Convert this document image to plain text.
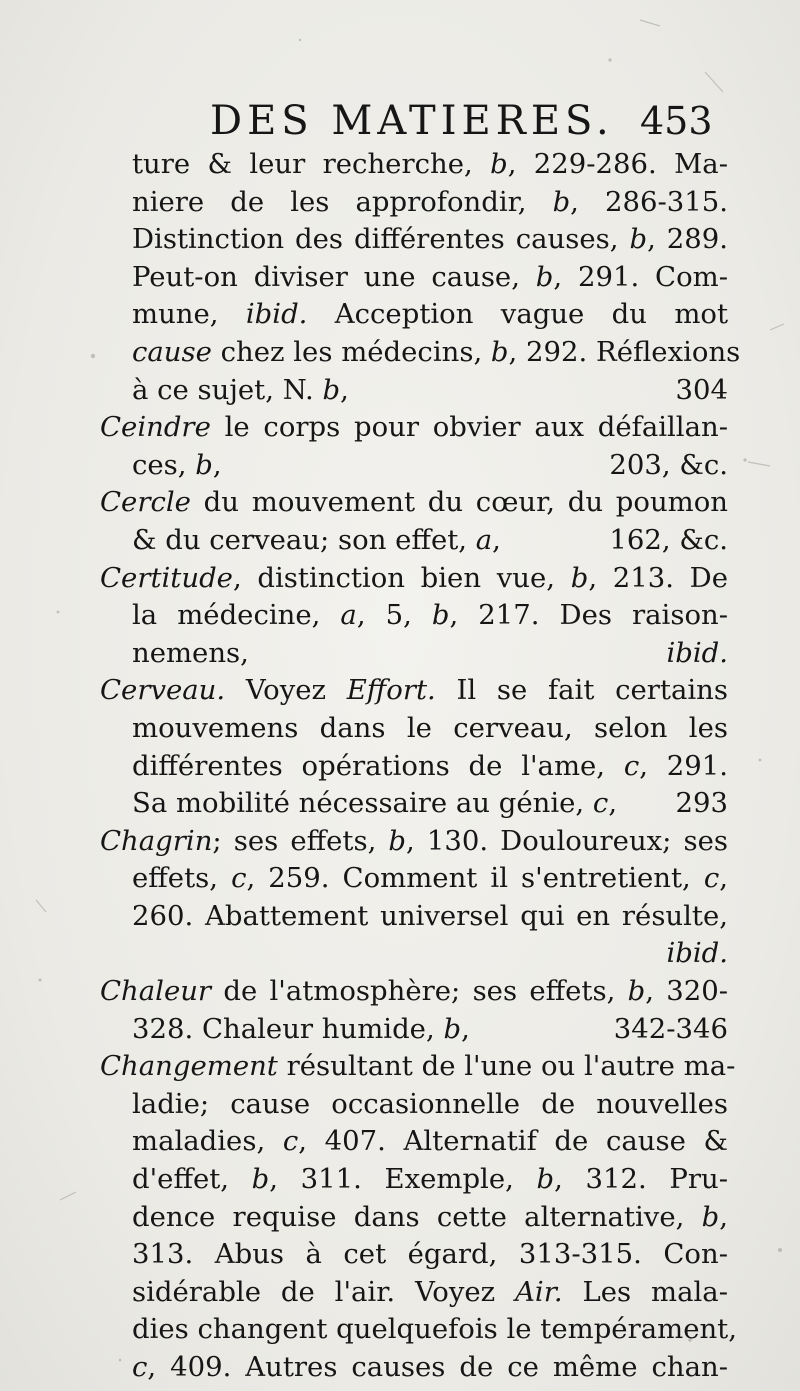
DES MATIERES. 453
ture & leur recherche, b, 229-286. Ma-
niere de les approfondir, b, 286-315.
Distinction des différentes causes, b, 289.
Peut-on diviser une cause, b, 291. Com-
mune, ibid. Acception vague du mot
cause chez les médecins, b, 292. Réflexions
304
à ce sujet, N. b,
Ceindre le corps pour obvier aux défaillan-
203, &c.
ces, b,
Cercle du mouvement du cœur, du poumon
162, &c.
& du cerveau; son effet, a,
Certitude, distinction bien vue, b, 213. De
la médecine, a, 5, b, 217. Des raison-
ibid.
nemens,
Cerveau. Voyez Effort. Il se fait certains
mouvemens dans le cerveau, selon les
différentes opérations de l'ame, c, 291.
293
Sa mobilité nécessaire au génie, c,
Chagrin; ses effets, b, 130. Douloureux; ses
effets, c, 259. Comment il s'entretient, c,
260. Abattement universel qui en résulte,
ibid.
Chaleur de l'atmosphère; ses effets, b, 320-
342-346
328. Chaleur humide, b,
Changement résultant de l'une ou l'autre ma-
ladie; cause occasionnelle de nouvelles
maladies, c, 407. Alternatif de cause &
d'effet, b, 311. Exemple, b, 312. Pru-
dence requise dans cette alternative, b,
313. Abus à cet égard, 313-315. Con-
sidérable de l'air. Voyez Air. Les mala-
dies changent quelquefois le tempérament,
c, 409. Autres causes de ce même chan-
